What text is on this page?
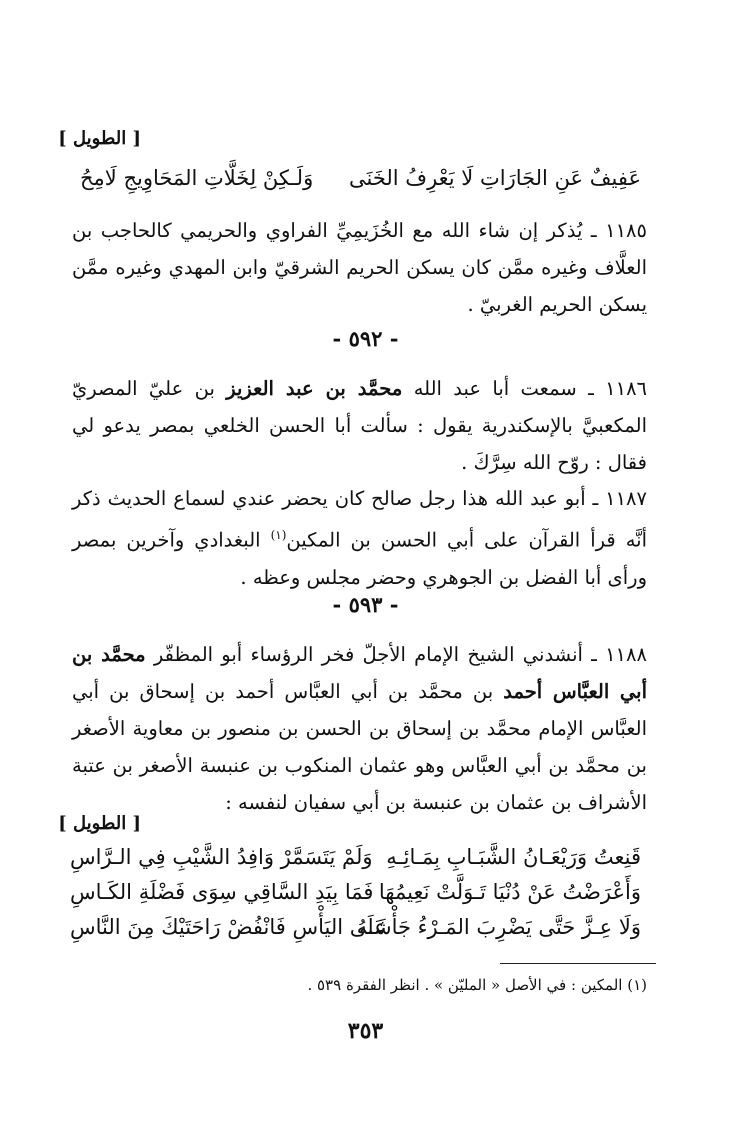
[ الطويل ]
عَفِيفٌ عَنِ الجَارَاتِ لَا يَعْرِفُ الخَنَى
وَلَـكِنْ لِخَلَّاتِ المَحَاوِيجِ لَامِحُ
١١٨٥ ـ يُذكر إن شاء الله مع الخُزَيمِيِّ الفراوي والحريمي كالحاجب بن العلَّاف وغيره ممَّن كان يسكن الحريم الشرقيّ وابن المهدي وغيره ممَّن يسكن الحريم الغربيّ .
- ٥٩٢ -
١١٨٦ ـ سمعت أبا عبد الله محمَّد بن عبد العزيز بن عليّ المصريّ المكعبيَّ بالإسكندرية يقول : سألت أبا الحسن الخلعي بمصر يدعو لي فقال : روّح الله سِرَّكَ .
١١٨٧ ـ أبو عبد الله هذا رجل صالح كان يحضر عندي لسماع الحديث ذكر أنَّه قرأ القرآن على أبي الحسن بن المكين$^{(١)}$ البغدادي وآخرين بمصر ورأى أبا الفضل بن الجوهري وحضر مجلس وعظه .
- ٥٩٣ -
١١٨٨ ـ أنشدني الشيخ الإمام الأجلّ فخر الرؤساء أبو المظفّر محمَّد بن أبي العبَّاس أحمد بن محمَّد بن أبي العبَّاس أحمد بن إسحاق بن أبي العبَّاس الإمام محمَّد بن إسحاق بن الحسن بن منصور بن معاوية الأصغر بن محمَّد بن أبي العبَّاس وهو عثمان المنكوب بن عنبسة الأصغر بن عتبة الأشراف بن عثمان بن عنبسة بن أبي سفيان لنفسه :
[ الطويل ]
قَنِعتُ وَرَيْعَـانُ الشَّبَـابِ بِمَـائِـهِ
وَلَمْ يَتَسَمَّرْ وَافِدُ الشَّيْبِ فِي الـرَّاسِ
وَأَعْرَضْتُ عَنْ دُنْيَا تَـوَلَّتْ نَعِيمُهَا
فَمَا بِيَدِ السَّاقِي سِوَى فَضْلَةِ الكَـاسِ
وَلَا عِـزَّ حَتَّى يَضْرِبَ المَـرْءُ جَأْشَـهُ
عَلَى اليَأْسِ فَانْفُضْ رَاحَتَيْكَ مِنَ النَّاسِ
(١) المكين : في الأصل « المليّن » . انظر الفقرة ٥٣٩ .
٣٥٣
